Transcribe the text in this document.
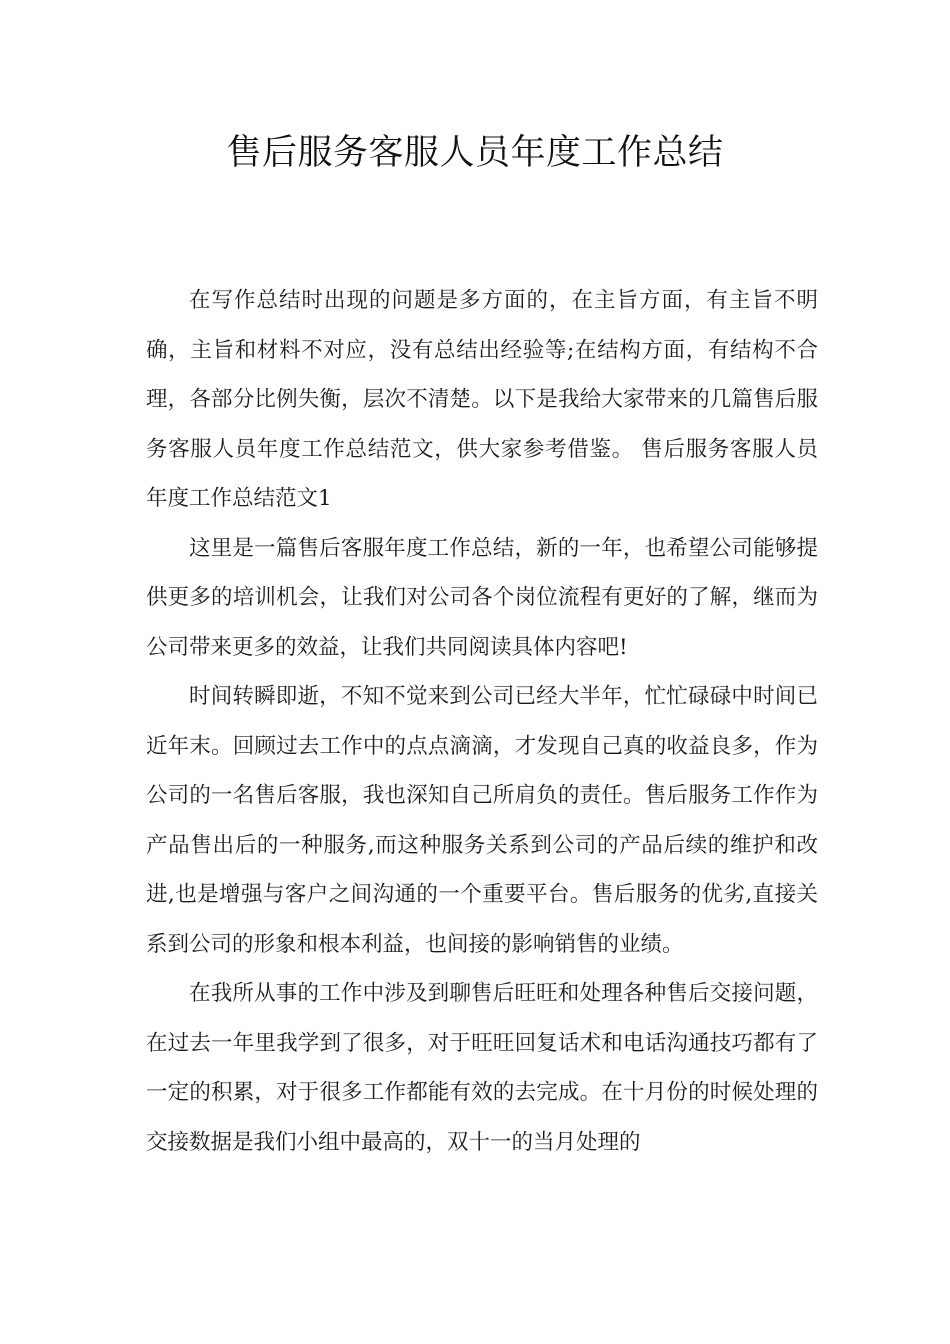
售后服务客服人员年度工作总结

在写作总结时出现的问题是多方面的，在主旨方面，有主旨不明确，主旨和材料不对应，没有总结出经验等;在结构方面，有结构不合理，各部分比例失衡，层次不清楚。以下是我给大家带来的几篇售后服务客服人员年度工作总结范文，供大家参考借鉴。 售后服务客服人员年度工作总结范文1

这里是一篇售后客服年度工作总结，新的一年，也希望公司能够提供更多的培训机会，让我们对公司各个岗位流程有更好的了解，继而为公司带来更多的效益，让我们共同阅读具体内容吧!

时间转瞬即逝，不知不觉来到公司已经大半年，忙忙碌碌中时间已近年末。回顾过去工作中的点点滴滴，才发现自己真的收益良多，作为公司的一名售后客服，我也深知自己所肩负的责任。售后服务工作作为产品售出后的一种服务,而这种服务关系到公司的产品后续的维护和改进,也是增强与客户之间沟通的一个重要平台。售后服务的优劣,直接关系到公司的形象和根本利益，也间接的影响销售的业绩。

在我所从事的工作中涉及到聊售后旺旺和处理各种售后交接问题，在过去一年里我学到了很多，对于旺旺回复话术和电话沟通技巧都有了一定的积累，对于很多工作都能有效的去完成。在十月份的时候处理的交接数据是我们小组中最高的，双十一的当月处理的
